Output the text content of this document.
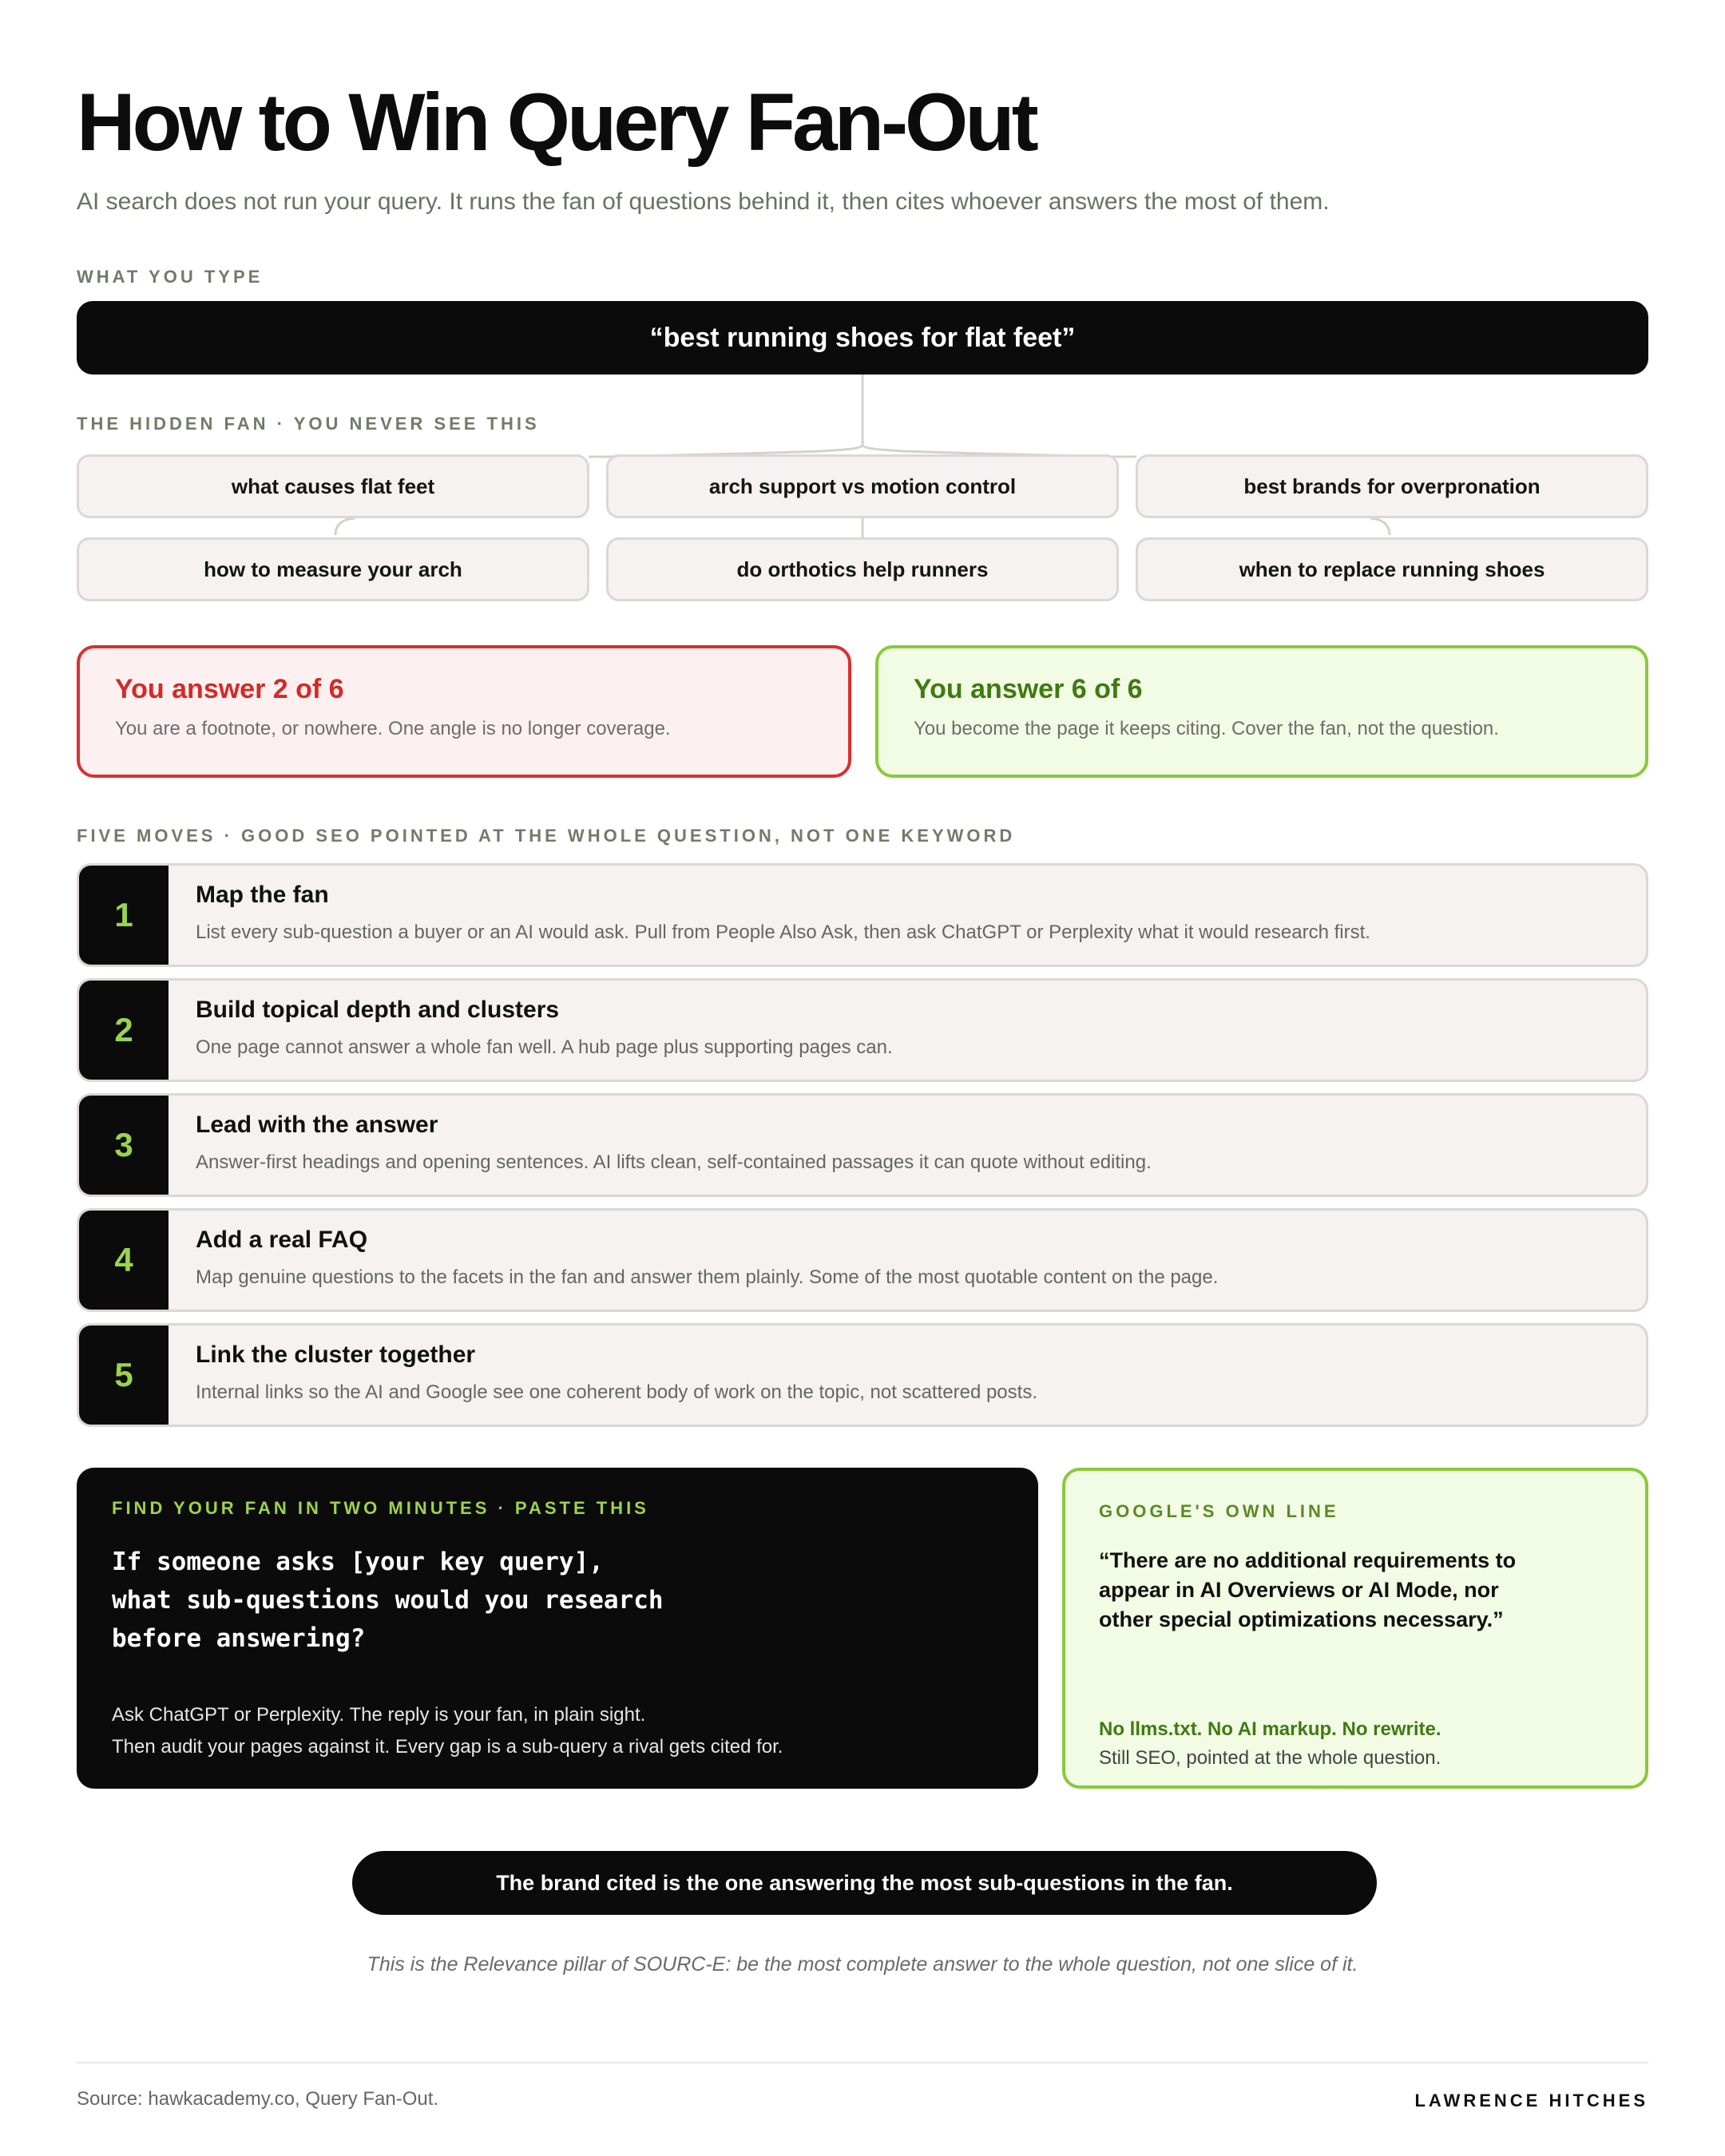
How to Win Query Fan-Out

AI search does not run your query. It runs the fan of questions behind it, then cites whoever answers the most of them.

WHAT YOU TYPE
“best running shoes for flat feet”
THE HIDDEN FAN · YOU NEVER SEE THIS
what causes flat feet	arch support vs motion control	best brands for overpronation
how to measure your arch	do orthotics help runners	when to replace running shoes
You answer 2 of 6
You are a footnote, or nowhere. One angle is no longer coverage.
You answer 6 of 6
You become the page it keeps citing. Cover the fan, not the question.
FIVE MOVES · GOOD SEO POINTED AT THE WHOLE QUESTION, NOT ONE KEYWORD
1
Map the fan
List every sub-question a buyer or an AI would ask. Pull from People Also Ask, then ask ChatGPT or Perplexity what it would research first.
2
Build topical depth and clusters
One page cannot answer a whole fan well. A hub page plus supporting pages can.
3
Lead with the answer
Answer-first headings and opening sentences. AI lifts clean, self-contained passages it can quote without editing.
4
Add a real FAQ
Map genuine questions to the facets in the fan and answer them plainly. Some of the most quotable content on the page.
5
Link the cluster together
Internal links so the AI and Google see one coherent body of work on the topic, not scattered posts.
FIND YOUR FAN IN TWO MINUTES · PASTE THIS
If someone asks [your key query],
what sub-questions would you research
before answering?
Ask ChatGPT or Perplexity. The reply is your fan, in plain sight.
Then audit your pages against it. Every gap is a sub-query a rival gets cited for.
GOOGLE'S OWN LINE
“There are no additional requirements to
appear in AI Overviews or AI Mode, nor
other special optimizations necessary.”
No llms.txt. No AI markup. No rewrite.
Still SEO, pointed at the whole question.
The brand cited is the one answering the most sub-questions in the fan.
This is the Relevance pillar of SOURC-E: be the most complete answer to the whole question, not one slice of it.
Source: hawkacademy.co, Query Fan-Out.	LAWRENCE HITCHES
